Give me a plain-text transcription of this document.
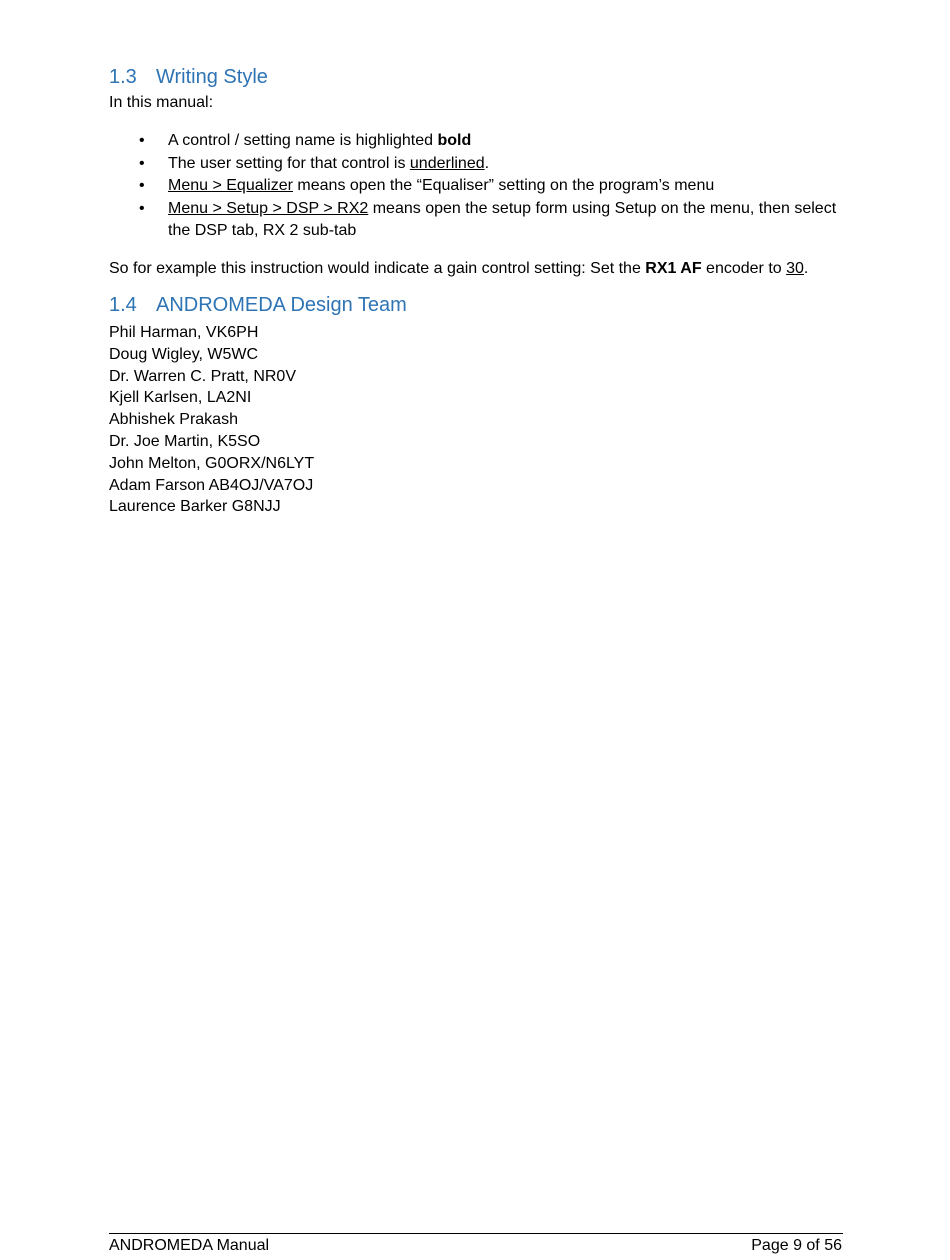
1.3 Writing Style

In this manual:

• A control / setting name is highlighted bold
• The user setting for that control is underlined.
• Menu > Equalizer means open the “Equaliser” setting on the program’s menu
• Menu > Setup > DSP > RX2 means open the setup form using Setup on the menu, then select the DSP tab, RX 2 sub-tab

So for example this instruction would indicate a gain control setting: Set the RX1 AF encoder to 30.

1.4 ANDROMEDA Design Team
Phil Harman, VK6PH
Doug Wigley, W5WC
Dr. Warren C. Pratt, NR0V
Kjell Karlsen, LA2NI
Abhishek Prakash
Dr. Joe Martin, K5SO
John Melton, G0ORX/N6LYT
Adam Farson AB4OJ/VA7OJ
Laurence Barker G8NJJ
ANDROMEDA Manual	Page 9 of 56
